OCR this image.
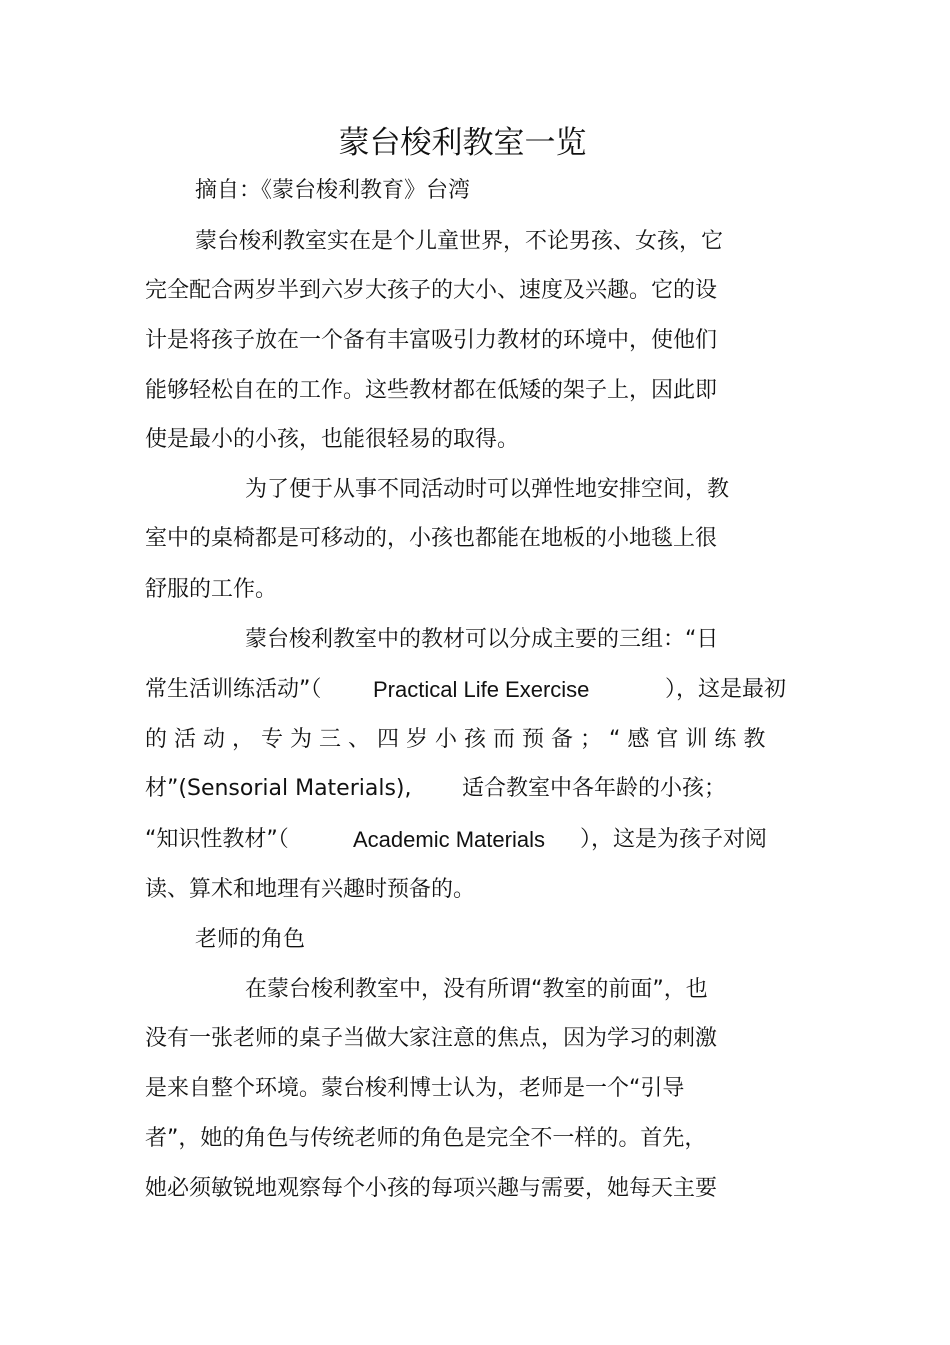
蒙台梭利教室一览
摘自：《蒙台梭利教育》台湾
蒙台梭利教室实在是个儿童世界，不论男孩、女孩，它
完全配合两岁半到六岁大孩子的大小、速度及兴趣。它的设
计是将孩子放在一个备有丰富吸引力教材的环境中，使他们
能够轻松自在的工作。这些教材都在低矮的架子上，因此即
使是最小的小孩，也能很轻易的取得。
为了便于从事不同活动时可以弹性地安排空间，教
室中的桌椅都是可移动的，小孩也都能在地板的小地毯上很
舒服的工作。
蒙台梭利教室中的教材可以分成主要的三组：“日
常生活训练活动”（ Practical Life Exercise	），这是最初
的活动，专为三、四岁小孩而预备；“感官训练教
材”(Sensorial Materials), 适合教室中各年龄的小孩；
“知识性教材”（	Academic Materials ），这是为孩子对阅
读、算术和地理有兴趣时预备的。
老师的角色
在蒙台梭利教室中，没有所谓“教室的前面”，也
没有一张老师的桌子当做大家注意的焦点，因为学习的刺激
是来自整个环境。蒙台梭利博士认为，老师是一个“引导
者”，她的角色与传统老师的角色是完全不一样的。首先，
她必须敏锐地观察每个小孩的每项兴趣与需要，她每天主要
